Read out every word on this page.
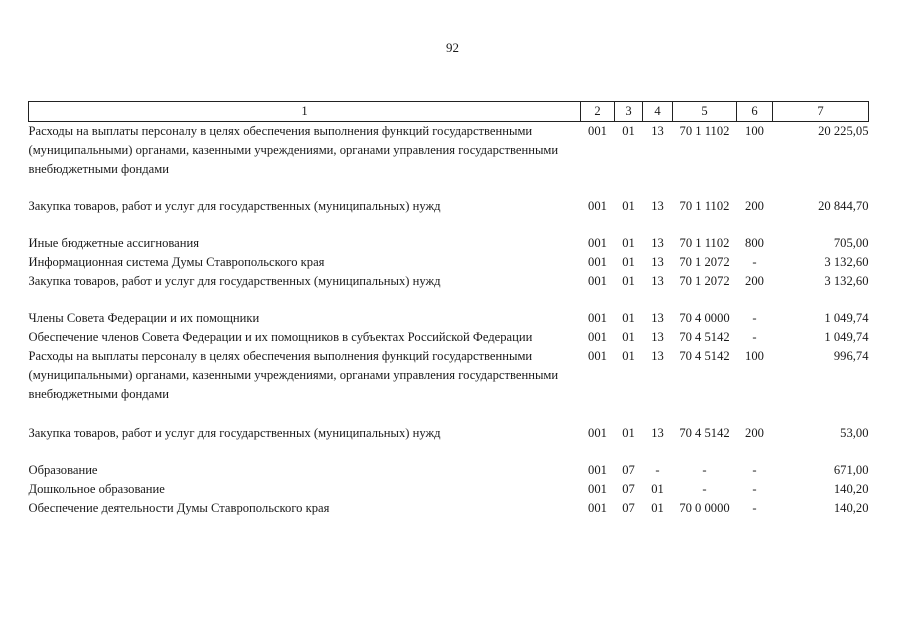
92
1	2	3	4	5	6	7
Расходы на выплаты персоналу в целях обеспечения выполнения функций государственными (муниципальными) органами, казенными учреждениями, органами управления государственными внебюджетными фондами	001	01	13	70 1 1102	100	20 225,05

Закупка товаров, работ и услуг для государственных (муниципальных) нужд	001	01	13	70 1 1102	200	20 844,70

Иные бюджетные ассигнования	001	01	13	70 1 1102	800	705,00
Информационная система Думы Ставропольского края	001	01	13	70 1 2072	-	3 132,60
Закупка товаров, работ и услуг для государственных (муниципальных) нужд	001	01	13	70 1 2072	200	3 132,60

Члены Совета Федерации и их помощники	001	01	13	70 4 0000	-	1 049,74
Обеспечение членов Совета Федерации и их помощников в субъектах Российской Федерации	001	01	13	70 4 5142	-	1 049,74
Расходы на выплаты персоналу в целях обеспечения выполнения функций государственными (муниципальными) органами, казенными учреждениями, органами управления государственными внебюджетными фондами	001	01	13	70 4 5142	100	996,74

Закупка товаров, работ и услуг для государственных (муниципальных) нужд	001	01	13	70 4 5142	200	53,00

Образование	001	07	-	-	-	671,00
Дошкольное образование	001	07	01	-	-	140,20
Обеспечение деятельности Думы Ставропольского края	001	07	01	70 0 0000	-	140,20
